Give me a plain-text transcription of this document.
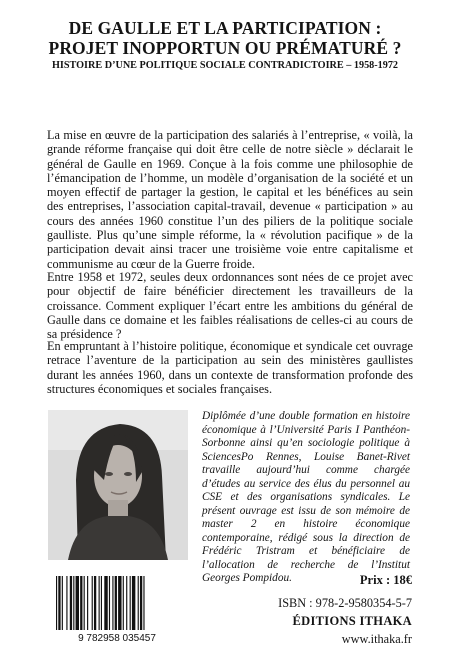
DE GAULLE ET LA PARTICIPATION :
PROJET INOPPORTUN OU PRÉMATURÉ ?
HISTOIRE D’UNE POLITIQUE SOCIALE CONTRADICTOIRE – 1958-1972

La mise en œuvre de la participation des salariés à l’entreprise, « voilà, la grande réforme française qui doit être celle de notre siècle » déclarait le général de Gaulle en 1969. Conçue à la fois comme une philosophie de l’émancipation de l’homme, un modèle d’organisation de la société et un moyen effectif de partager la gestion, le capital et les bénéfices au sein des entreprises, l’association capital-travail, devenue « participation » au cours des années 1960 constitue l’un des piliers de la politique sociale gaulliste. Plus qu’une simple réforme, la « révolution pacifique » de la participation devait ainsi tracer une troisième voie entre capitalisme et communisme au cœur de la Guerre froide.

Entre 1958 et 1972, seules deux ordonnances sont nées de ce projet avec pour objectif de faire bénéficier directement les travailleurs de la croissance. Comment expliquer l’écart entre les ambitions du général de Gaulle dans ce domaine et les faibles réalisations de celles-ci au cours de sa présidence ?

En empruntant à l’histoire politique, économique et syndicale cet ouvrage retrace l’aventure de la participation au sein des ministères gaullistes durant les années 1960, dans un contexte de transformation profonde des structures économiques et sociales françaises.

Diplômée d’une double formation en histoire économique à l’Université Paris I Panthéon-Sorbonne ainsi qu’en sociologie politique à SciencesPo Rennes, Louise Banet-Rivet travaille aujourd’hui comme chargée d’études au service des élus du personnel au CSE et des organisations syndicales. Le présent ouvrage est issu de son mémoire de master 2 en histoire économique contemporaine, rédigé sous la direction de Frédéric Tristram et bénéficiaire de l’allocation de recherche de l’Institut Georges Pompidou.

9 782958 035457
Prix : 18€
ISBN : 978-2-9580354-5-7
ÉDITIONS ITHAKA
www.ithaka.fr
